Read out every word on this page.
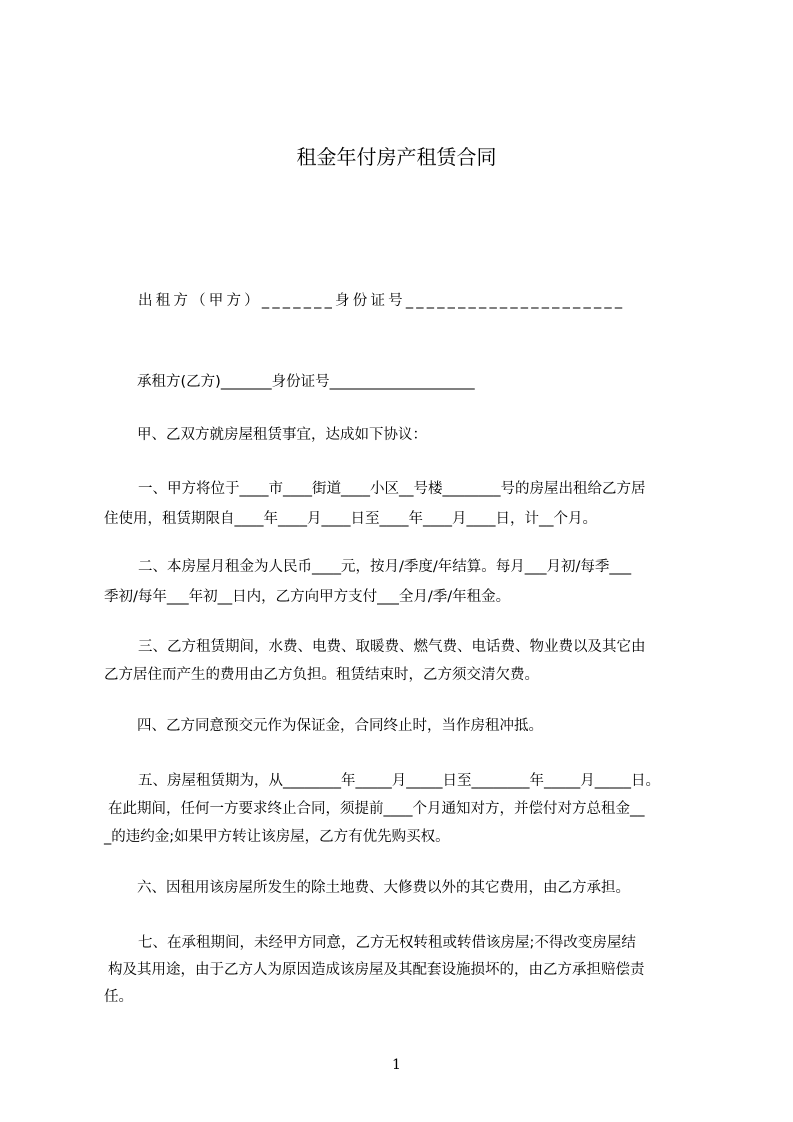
租金年付房产租赁合同
出租方（甲方）_______身份证号_____________________
承租方(乙方)_______身份证号____________________
甲、乙双方就房屋租赁事宜，达成如下协议：
一、甲方将位于____市____街道____小区__号楼________号的房屋出租给乙方居
住使用，租赁期限自____年____月____日至____年____月____日，计__个月。
二、本房屋月租金为人民币____元，按月/季度/年结算。每月___月初/每季___
季初/每年___年初__日内，乙方向甲方支付___全月/季/年租金。
三、乙方租赁期间，水费、电费、取暖费、燃气费、电话费、物业费以及其它由
乙方居住而产生的费用由乙方负担。租赁结束时，乙方须交清欠费。
四、乙方同意预交元作为保证金，合同终止时，当作房租冲抵。
五、房屋租赁期为，从________年_____月_____日至________年_____月_____日。
在此期间，任何一方要求终止合同，须提前____个月通知对方，并偿付对方总租金__
_的违约金;如果甲方转让该房屋，乙方有优先购买权。
六、因租用该房屋所发生的除土地费、大修费以外的其它费用，由乙方承担。
七、在承租期间，未经甲方同意，乙方无权转租或转借该房屋;不得改变房屋结
构及其用途，由于乙方人为原因造成该房屋及其配套设施损坏的，由乙方承担赔偿责
任。
1
